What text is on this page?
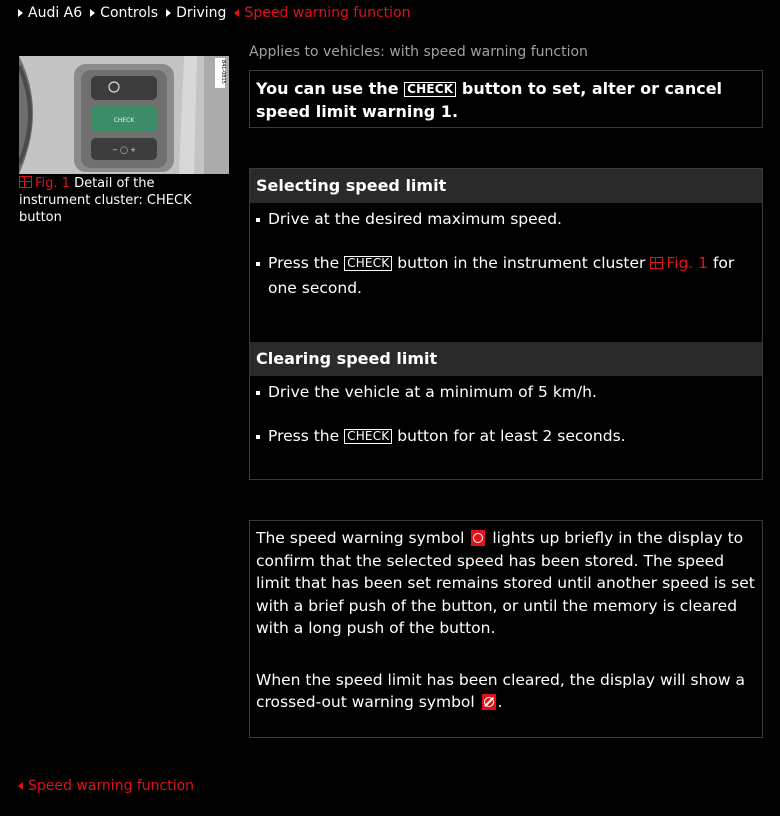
Audi A6 Controls Driving Speed warning function
CHECK
− ◯ +
B4L-0815
Fig. 1 Detail of the instrument cluster: CHECK button
Applies to vehicles: with speed warning function
You can use the CHECK button to set, alter or cancel speed limit warning 1.
Selecting speed limit
Drive at the desired maximum speed.
Press the CHECK button in the instrument cluster Fig. 1 for one second.
Clearing speed limit
Drive the vehicle at a minimum of 5 km/h.
Press the CHECK button for at least 2 seconds.
The speed warning symbol lights up briefly in the display to confirm that the selected speed has been stored. The speed limit that has been set remains stored until another speed is set with a brief push of the button, or until the memory is cleared with a long push of the button.
When the speed limit has been cleared, the display will show a crossed-out warning symbol .
Speed warning function
